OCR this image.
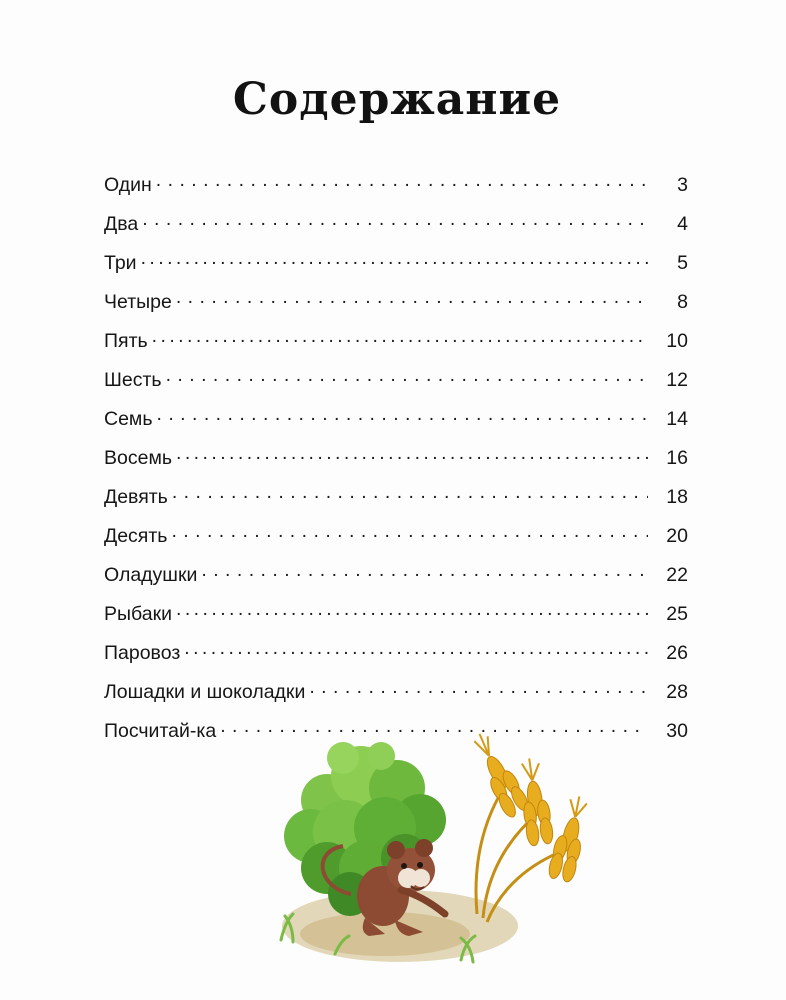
Содержание
Один . . .	3
Два . . .	4
Три . . .	5
Четыре . . .	8
Пять . . .	10
Шесть . . .	12
Семь . . .	14
Восемь . . .	16
Девять . . .	18
Десять . . .	20
Оладушки . . .	22
Рыбаки . . .	25
Паровоз . . .	26
Лошадки и шоколадки . . .	28
Посчитай-ка . . .	30
